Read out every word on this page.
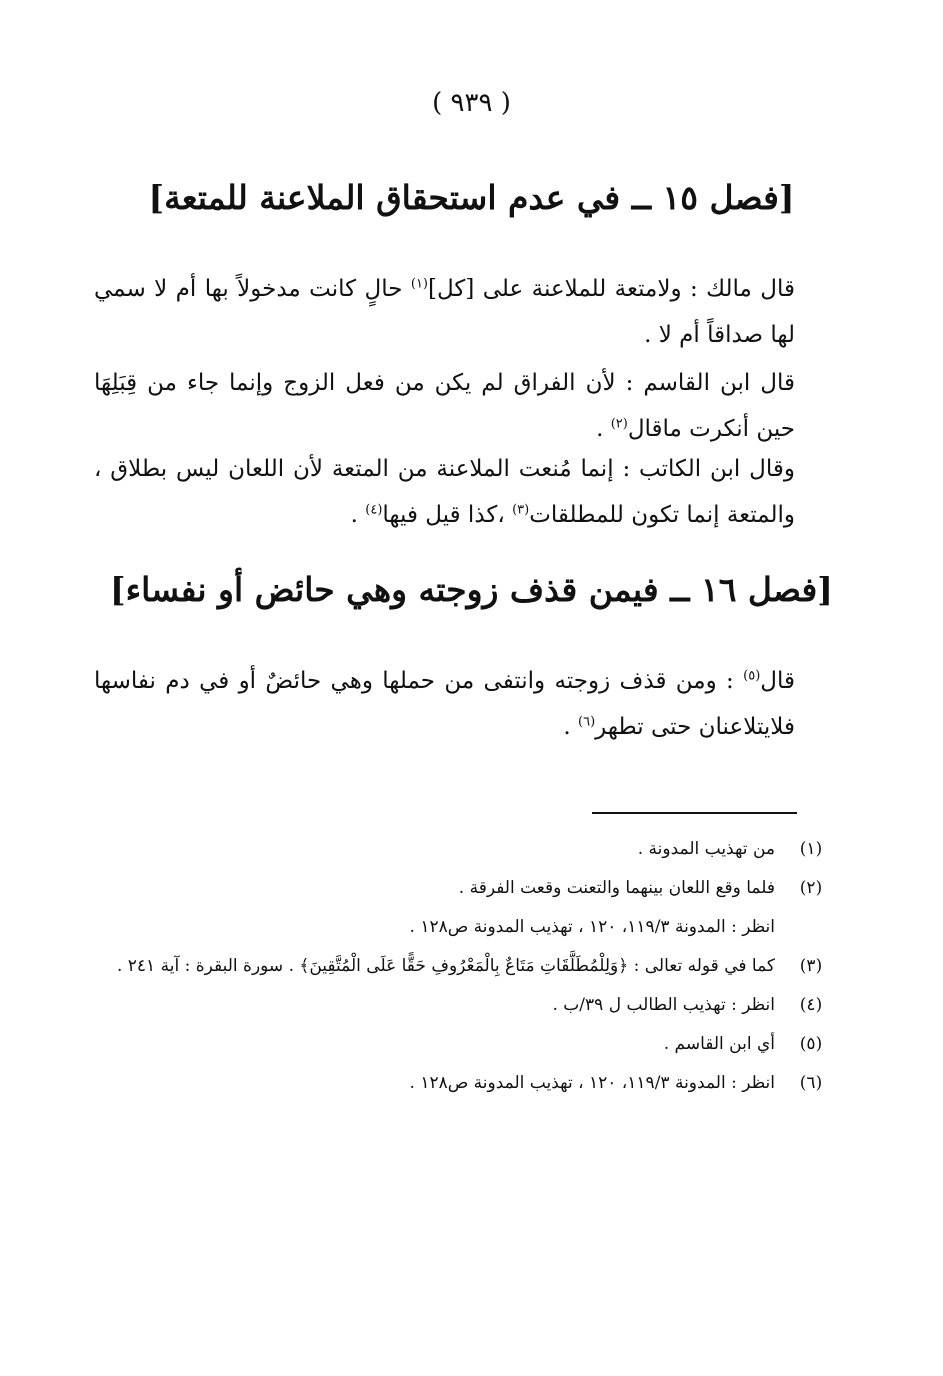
( ٩٣٩ )
[فصل ١٥ ــ في عدم استحقاق الملاعنة للمتعة]
قال مالك : ولامتعة للملاعنة على [كل]$^{(١)}$ حالٍ كانت مدخولاً بها أم لا سمي لها صداقاً أم لا .
قال ابن القاسم : لأن الفراق لم يكن من فعل الزوج وإنما جاء من قِبَلِهَا حين أنكرت ماقال$^{(٢)}$ .
وقال ابن الكاتب : إنما مُنعت الملاعنة من المتعة لأن اللعان ليس بطلاق ، والمتعة إنما تكون للمطلقات$^{(٣)}$ ،كذا قيل فيها$^{(٤)}$ .
[فصل ١٦ ــ فيمن قذف زوجته وهي حائض أو نفساء]
قال$^{(٥)}$ : ومن قذف زوجته وانتفى من حملها وهي حائضٌ أو في دم نفاسها فلايتلاعنان حتى تطهر$^{(٦)}$ .
(١)
من تهذيب المدونة .
(٢)
فلما وقع اللعان بينهما والتعنت وقعت الفرقة .
انظر : المدونة ١١٩/٣، ١٢٠ ، تهذيب المدونة ص١٢٨ .
(٣)
كما في قوله تعالى : ﴿وَلِلْمُطَلَّقَاتِ مَتَاعٌ بِالْمَعْرُوفِ حَقًّا عَلَى الْمُتَّقِينَ﴾ . سورة البقرة : آية ٢٤١ .
(٤)
انظر : تهذيب الطالب ل ٣٩/ب .
(٥)
أي ابن القاسم .
(٦)
انظر : المدونة ١١٩/٣، ١٢٠ ، تهذيب المدونة ص١٢٨ .
